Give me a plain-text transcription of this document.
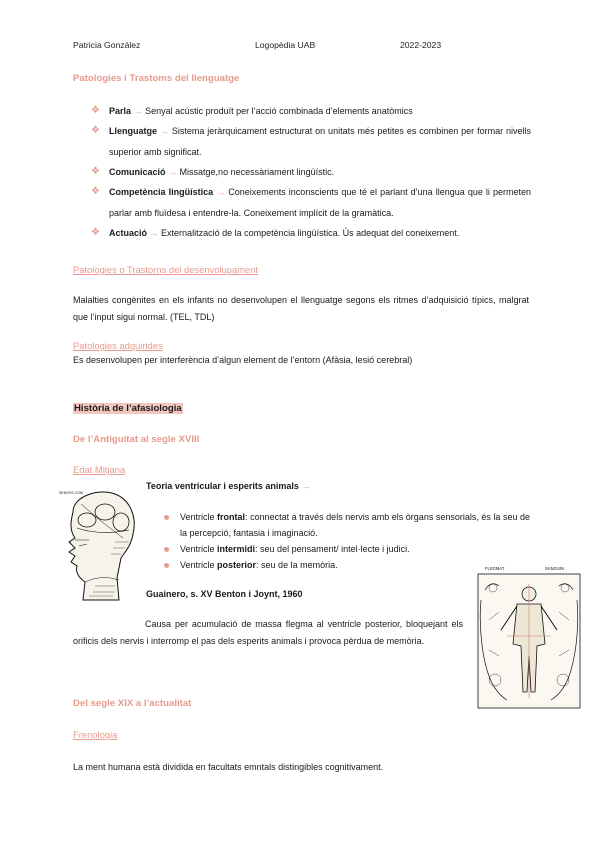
Patricia González	Logopèdia UAB	2022-2023
Patologies i Trastoms del llenguatge
❖	Parla → Senyal acústic produït per l’acció combinada d’elements anatòmics
❖	Llenguatge → Sistema jeràrquicament estructurat on unitats més petites es combinen per formar nivells superior amb significat.
❖	Comunicació → Missatge,no necessàriament lingüístic.
❖	Competència lingüística → Coneixements inconscients que té el parlant d’una llengua que li permeten parlar amb fluïdesa i entendre-la. Coneixement implícit de la gramàtica.
❖	Actuació → Externalització de la competència lingüística. Ús adequat del coneixement.
Patologies o Trastorns del desenvolupament
Malalties congènites en els infants no desenvolupen el llenguatge segons els ritmes d’adquisició típics, malgrat que l’input sigui normal. (TEL, TDL)
Patologies adquirides
Es desenvolupen per interferència d’algun element de l’entorn (Afàsia, lesió cerebral)
Història de l’afasiologia
De l’Antiguitat al segle XVIII
Edat Mitjana
SENSVS COM
Teoria ventricular i esperits animals →
Ventricle frontal: connectat a través dels nervis amb els òrgans sensorials, és la seu de la percepció, fantasia i imaginació.
Ventricle intermidi: seu del pensament/ intel·lecte i judici.
Ventricle posterior: seu de la memòria.
Guainero, s. XV Benton i Joynt, 1960
Causa per acumulació de massa flegma al ventricle posterior, bloquejant els orificis dels nervis i interromp el pas dels esperits animals i provoca pèrdua de memòria.
FLEGMAT	SANGUIN
Del segle XIX a l’actualitat
Frenologia
La ment humana està dividida en facultats emntals distingibles cognitivament.
